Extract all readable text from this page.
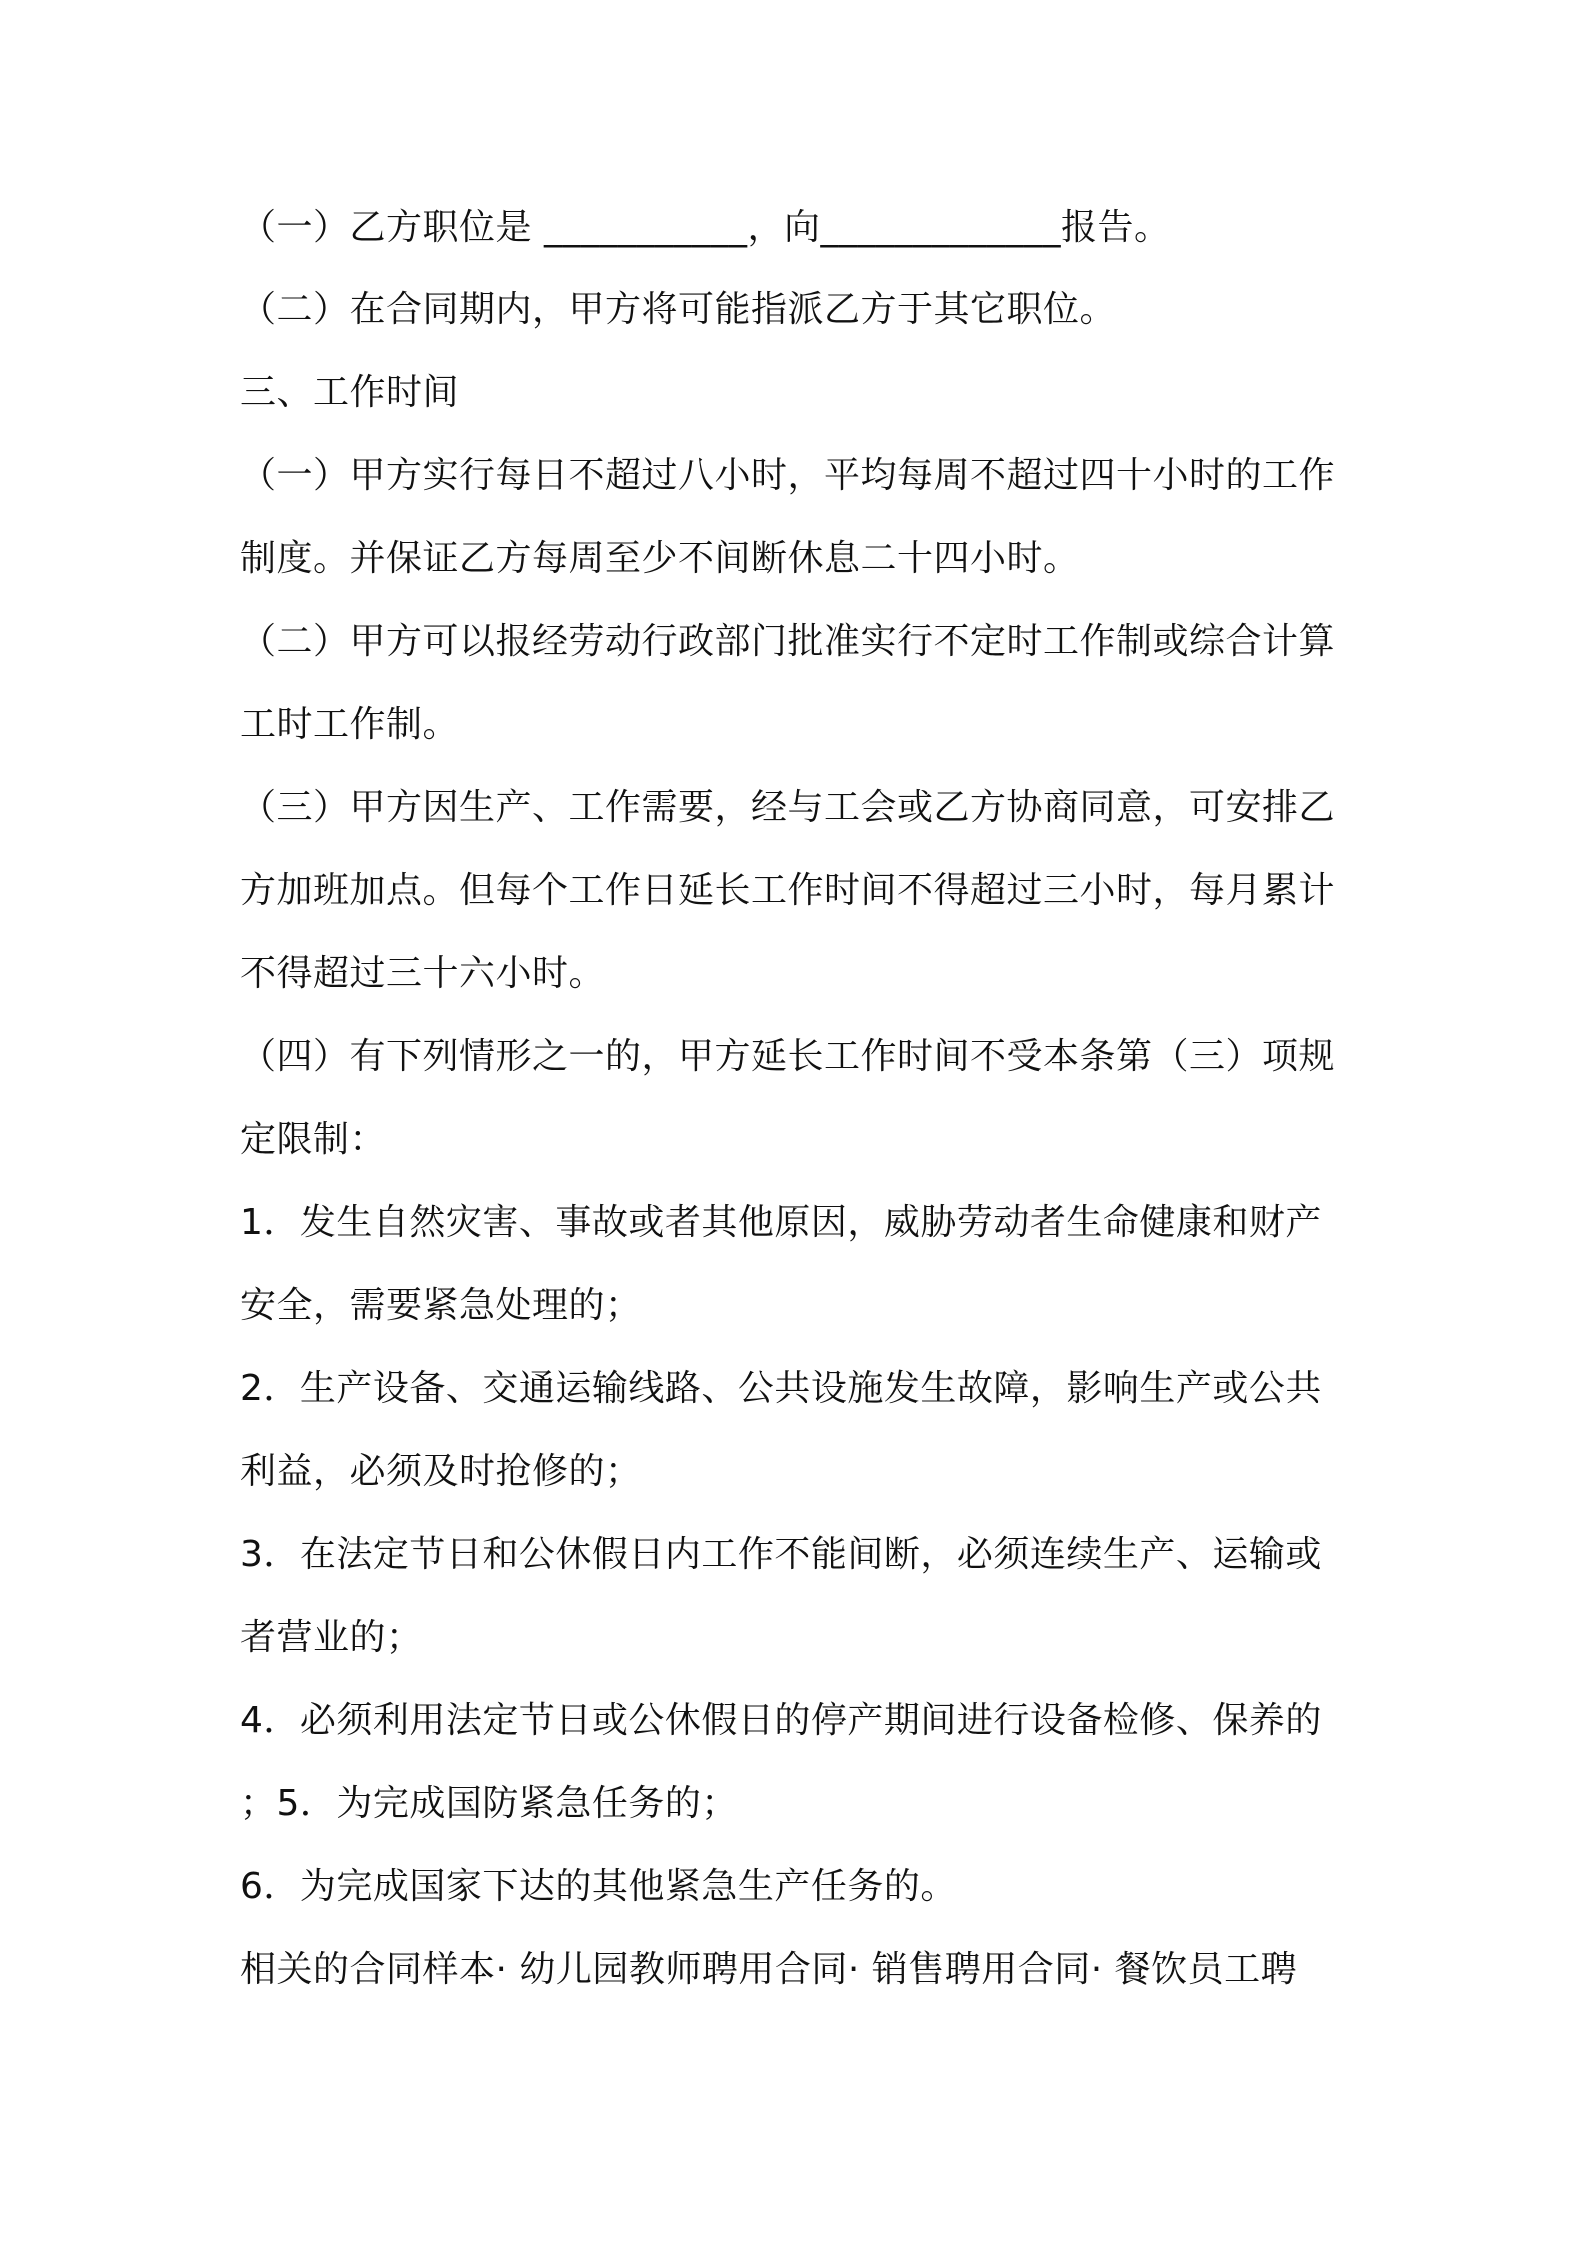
（一）乙方职位是 ___________，向_____________报告。
（二）在合同期内，甲方将可能指派乙方于其它职位。
三、工作时间
（一）甲方实行每日不超过八小时，平均每周不超过四十小时的工作
制度。并保证乙方每周至少不间断休息二十四小时。
（二）甲方可以报经劳动行政部门批准实行不定时工作制或综合计算
工时工作制。
（三）甲方因生产、工作需要，经与工会或乙方协商同意，可安排乙
方加班加点。但每个工作日延长工作时间不得超过三小时，每月累计
不得超过三十六小时。
（四）有下列情形之一的，甲方延长工作时间不受本条第（三）项规
定限制：
1．发生自然灾害、事故或者其他原因，威胁劳动者生命健康和财产
安全，需要紧急处理的；
2．生产设备、交通运输线路、公共设施发生故障，影响生产或公共
利益，必须及时抢修的；
3．在法定节日和公休假日内工作不能间断，必须连续生产、运输或
者营业的；
4．必须利用法定节日或公休假日的停产期间进行设备检修、保养的
；5．为完成国防紧急任务的；
6．为完成国家下达的其他紧急生产任务的。
相关的合同样本· 幼儿园教师聘用合同· 销售聘用合同· 餐饮员工聘
